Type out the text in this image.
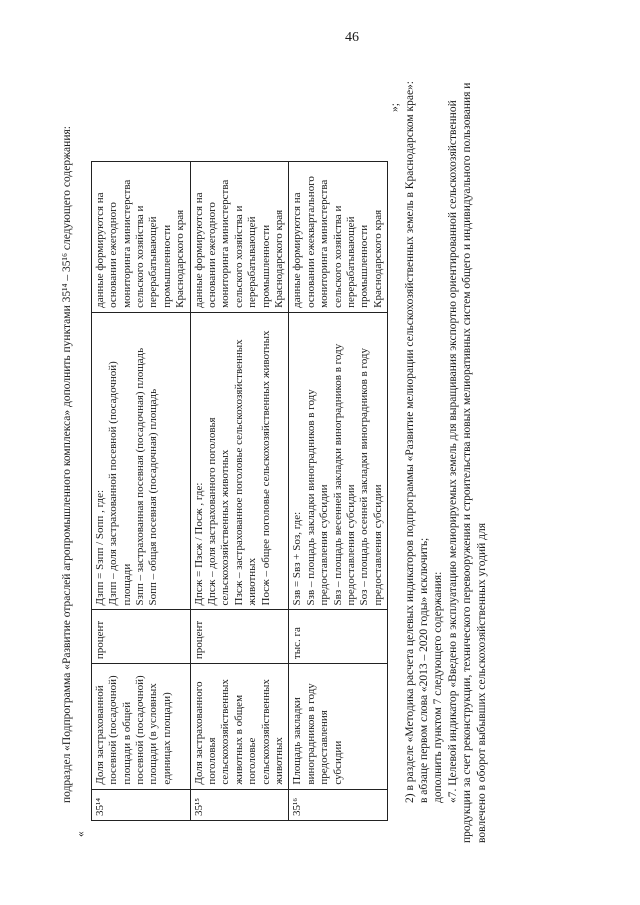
46

подраздел «Подпрограмма «Развитие отраслей агропромышленного комплекса» дополнить пунктами 35¹⁴ – 35¹⁶ следующего содержания:

«

35¹⁴	Доля застрахованной посевной (посадочной) площади в общей посевной (посадочной) площади (в условных единицах площади)	процент	Дзпп = Sзпп / Sопп , где: Дзпп – доля застрахованной посевной (посадочной) площади Sзпп – застрахованная посевная (посадочная) площадь Sопп – общая посевная (посадочная) площадь	данные формируются на основании ежегодного мониторинга министерства сельского хозяйства и перерабатывающей промышленности Краснодарского края
35¹⁵	Доля застрахованного поголовья сельскохозяйственных животных в общем поголовье сельскохозяйственных животных	процент	Дпсж = Пзсж / Посж , где: Дпсж – доля застрахованного поголовья сельскохозяйственных животных Пзсж – застрахованное поголовье сельскохозяйственных животных Посж – общее поголовье сельскохозяйственных животных	данные формируются на основании ежегодного мониторинга министерства сельского хозяйства и перерабатывающей промышленности Краснодарского края
35¹⁶	Площадь закладки виноградников в году предоставления субсидии	тыс. га	Sзв = Sвз + Sоз, где: Sзв – площадь закладки виноградников в году предоставления субсидии Sвз – площадь весенней закладки виноградников в году предоставления субсидии Sоз – площадь осенней закладки виноградников в году предоставления субсидии	данные формируются на основании ежеквартального мониторинга министерства сельского хозяйства и перерабатывающей промышленности Краснодарского края

»; 2) в разделе «Методика расчета целевых индикаторов подпрограммы «Развитие мелиорации сельскохозяйственных земель в Краснодарском крае»: в абзаце первом слова «2013 – 2020 годы» исключить; дополнить пунктом 7 следующего содержания: «7. Целевой индикатор «Введено в эксплуатацию мелиорируемых земель для выращивания экспортно ориентированной сельскохозяйственной продукции за счет реконструкции, технического перевооружения и строительства новых мелиоративных систем общего и индивидуального пользования и вовлечено в оборот выбывших сельскохозяйственных угодий для
